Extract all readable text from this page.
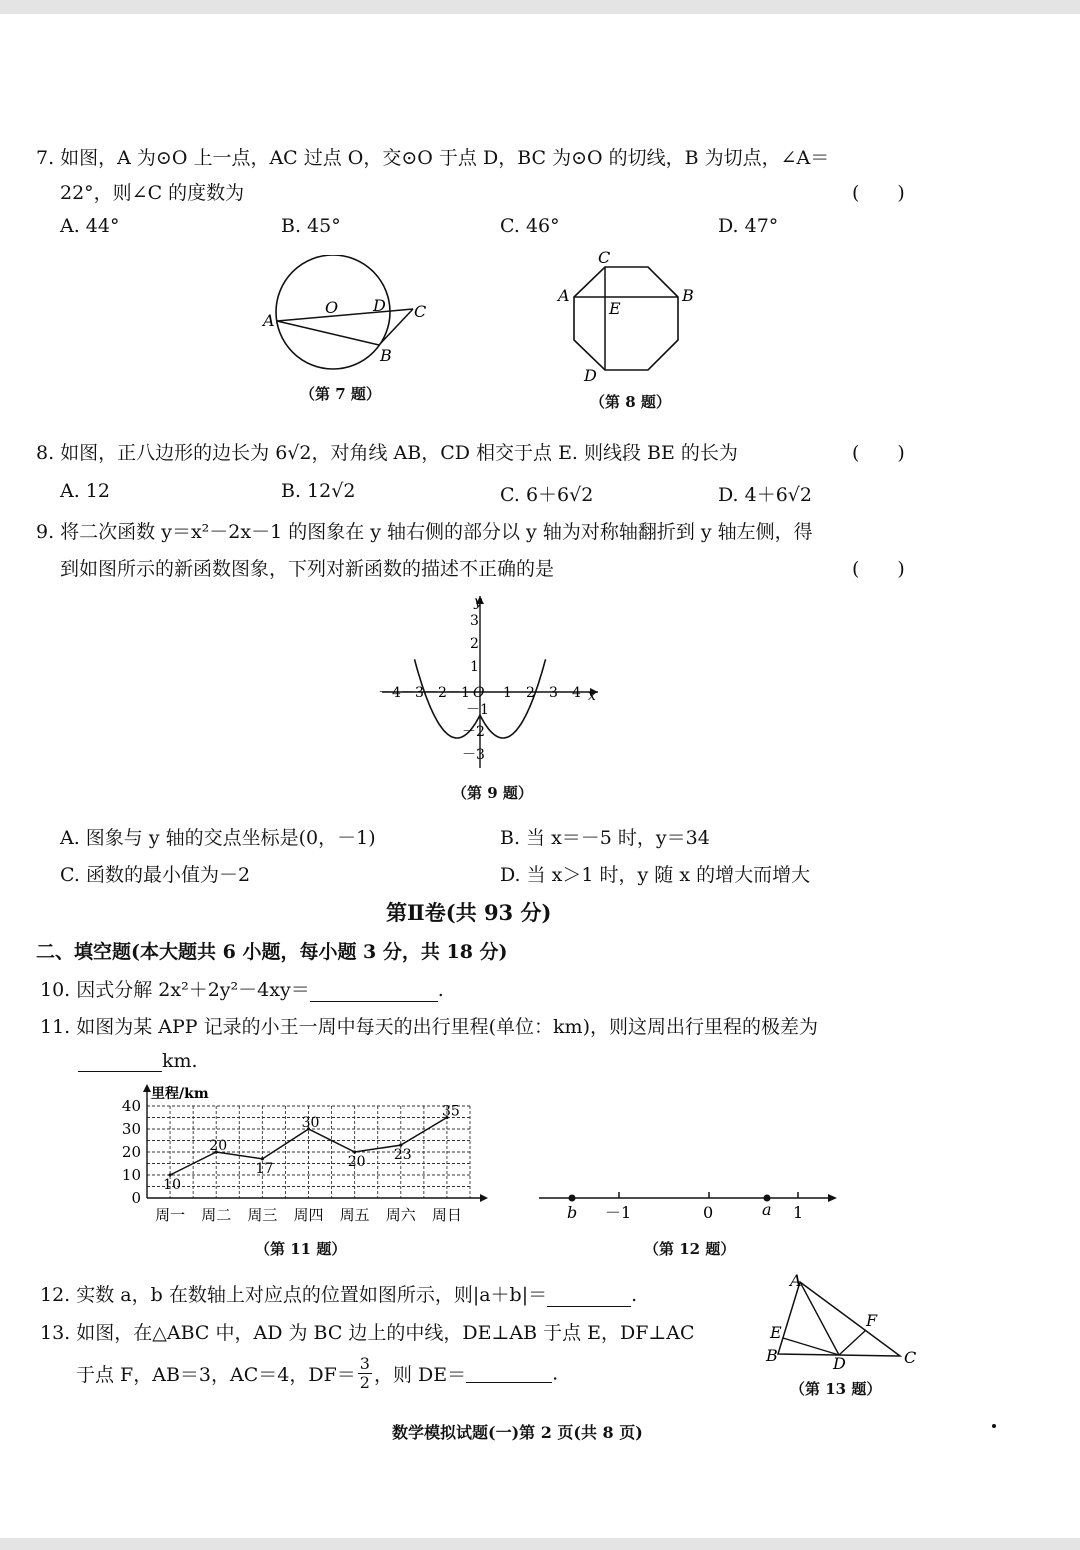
7. 如图，A 为⊙O 上一点，AC 过点 O，交⊙O 于点 D，BC 为⊙O 的切线，B 为切点，∠A＝
22°，则∠C 的度数为	(　　)
A. 44°	B. 45°	C. 46°	D. 47°
A
O D C
B
（第 7 题）
C
A	B
E
D
（第 8 题）
8. 如图，正八边形的边长为 6√2，对角线 AB，CD 相交于点 E. 则线段 BE 的长为	(　　)
A. 12	B. 12√2	C. 6＋6√2	D. 4＋6√2
9. 将二次函数 y＝x²－2x－1 的图象在 y 轴右侧的部分以 y 轴为对称轴翻折到 y 轴左侧，得
到如图所示的新函数图象，下列对新函数的描述不正确的是	(　　)
y
x
O
－4 －3 －2 －1 1 2 3 4
3
2
1
－1
－2
－3
（第 9 题）
A. 图象与 y 轴的交点坐标是(0，－1)	B. 当 x＝－5 时，y＝34
C. 函数的最小值为－2	D. 当 x＞1 时，y 随 x 的增大而增大
第Ⅱ卷(共 93 分)
二、填空题(本大题共 6 小题，每小题 3 分，共 18 分)
10. 因式分解 2x²＋2y²－4xy＝	.
11. 如图为某 APP 记录的小王一周中每天的出行里程(单位：km)，则这周出行里程的极差为
km.
里程/km
0
10
20
30
40
周一 周二 周三 周四 周五 周六 周日
10
20
17
30
20 23
35
（第 11 题）
b －1	0	a 1
（第 12 题）
12. 实数 a，b 在数轴上对应点的位置如图所示，则|a＋b|＝	.
13. 如图，在△ABC 中，AD 为 BC 边上的中线，DE⊥AB 于点 E，DF⊥AC
于点 F，AB＝3，AC＝4，$DF= \frac{3}{2}$ ，则 DE＝	.
A
B	C
D
E
F
（第 13 题）
数学模拟试题(一)第 2 页(共 8 页)
